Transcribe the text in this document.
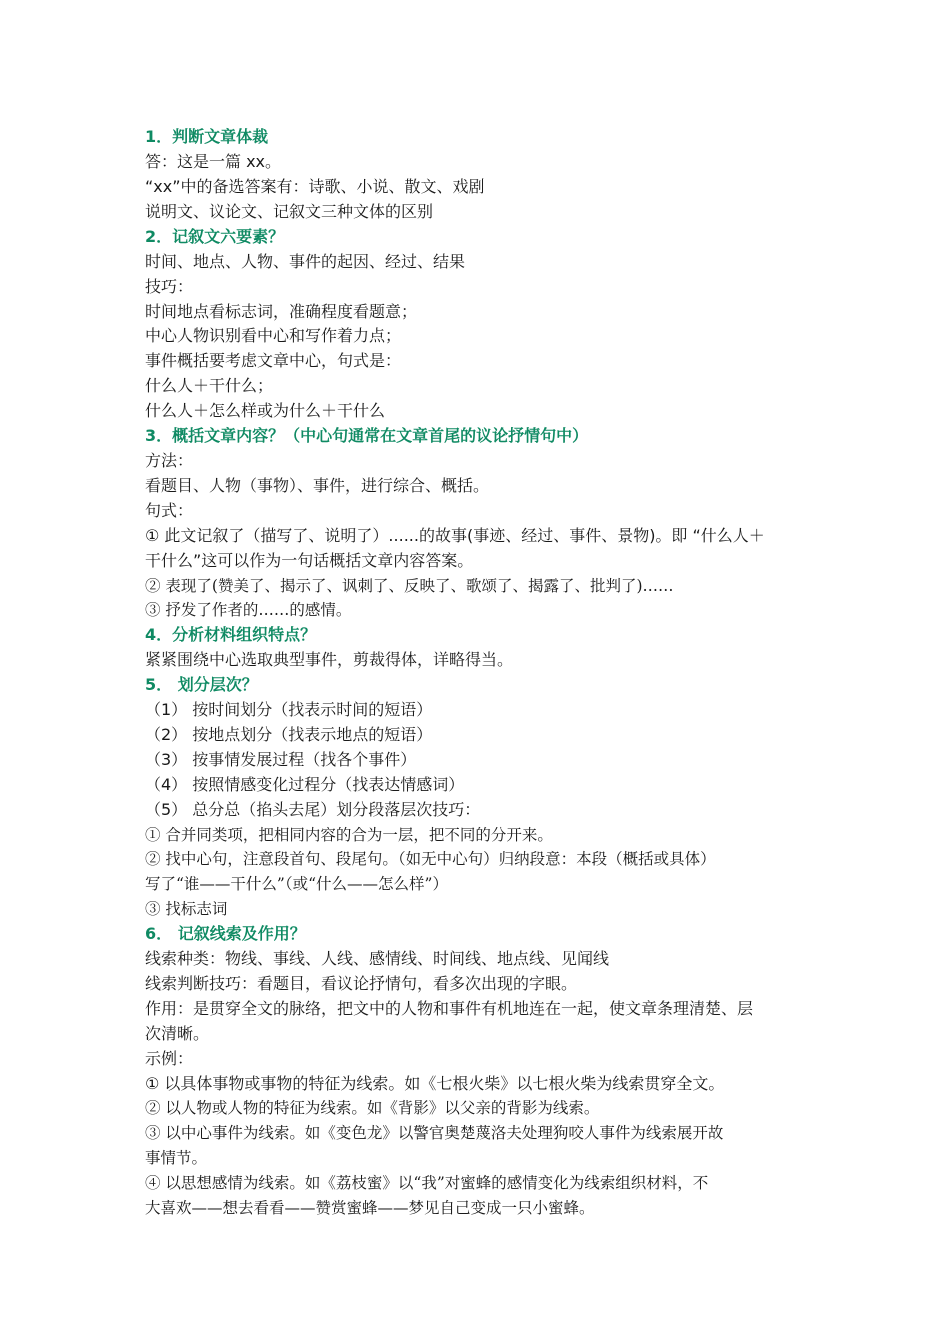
1．判断文章体裁
答：这是一篇 xx。
“xx”中的备选答案有：诗歌、小说、散文、戏剧
说明文、议论文、记叙文三种文体的区别
2．记叙文六要素？
时间、地点、人物、事件的起因、经过、结果
技巧：
时间地点看标志词，准确程度看题意；
中心人物识别看中心和写作着力点；
事件概括要考虑文章中心，句式是：
什么人＋干什么；
什么人＋怎么样或为什么＋干什么
3．概括文章内容？（中心句通常在文章首尾的议论抒情句中）
方法：
看题目、人物（事物）、事件，进行综合、概括。
句式：
① 此文记叙了（描写了、说明了）......的故事(事迹、经过、事件、景物)。即 “什么人＋
干什么”这可以作为一句话概括文章内容答案。
② 表现了(赞美了、揭示了、讽刺了、反映了、歌颂了、揭露了、批判了)……
③ 抒发了作者的……的感情。
4．分析材料组织特点？
紧紧围绕中心选取典型事件，剪裁得体，详略得当。
5． 划分层次？
（1） 按时间划分（找表示时间的短语）
（2） 按地点划分（找表示地点的短语）
（3） 按事情发展过程（找各个事件）
（4） 按照情感变化过程分（找表达情感词）
（5） 总分总（掐头去尾）划分段落层次技巧：
① 合并同类项，把相同内容的合为一层，把不同的分开来。
② 找中心句，注意段首句、段尾句。（如无中心句）归纳段意：本段（概括或具体）
写了“谁——干什么”（或“什么——怎么样”）
③ 找标志词
6． 记叙线索及作用？
线索种类：物线、事线、人线、感情线、时间线、地点线、见闻线
线索判断技巧：看题目，看议论抒情句，看多次出现的字眼。
作用：是贯穿全文的脉络，把文中的人物和事件有机地连在一起，使文章条理清楚、层
次清晰。
示例：
① 以具体事物或事物的特征为线索。如《七根火柴》以七根火柴为线索贯穿全文。
② 以人物或人物的特征为线索。如《背影》以父亲的背影为线索。
③ 以中心事件为线索。如《变色龙》以警官奥楚蔑洛夫处理狗咬人事件为线索展开故
事情节。
④ 以思想感情为线索。如《荔枝蜜》以“我”对蜜蜂的感情变化为线索组织材料，不
大喜欢——想去看看——赞赏蜜蜂——梦见自己变成一只小蜜蜂。
